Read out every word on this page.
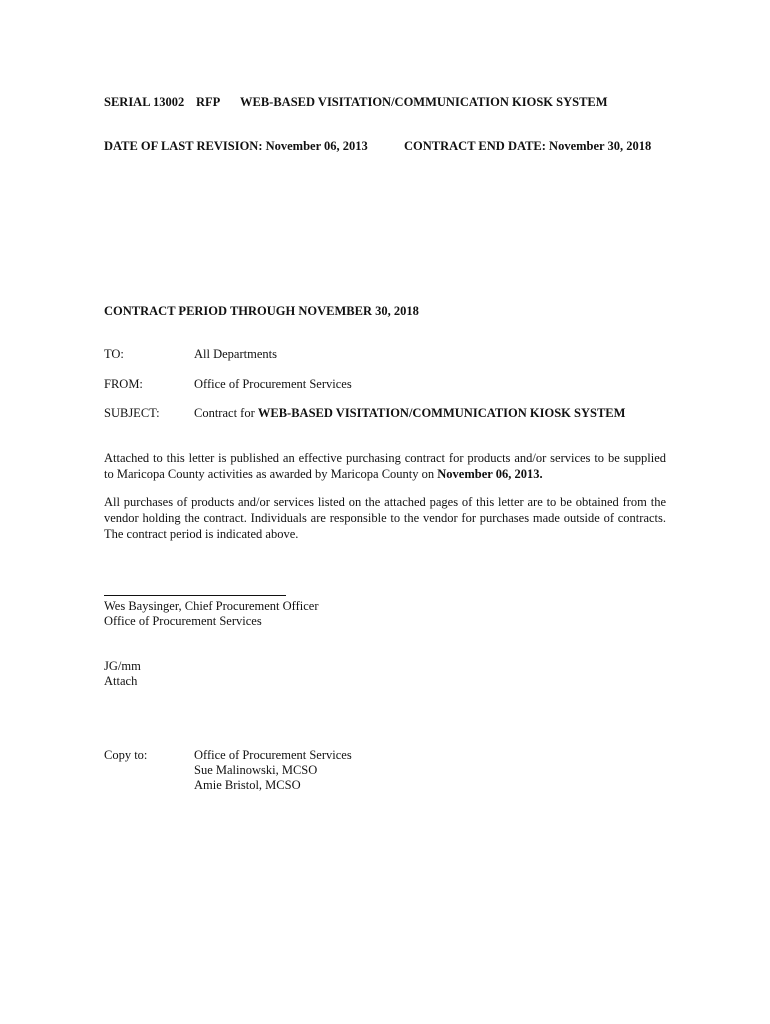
SERIAL 13002 RFP WEB-BASED VISITATION/COMMUNICATION KIOSK SYSTEM
DATE OF LAST REVISION: November 06, 2013	CONTRACT END DATE: November 30, 2018
CONTRACT PERIOD THROUGH NOVEMBER 30, 2018
TO:	All Departments
FROM:	Office of Procurement Services
SUBJECT:	Contract for WEB-BASED VISITATION/COMMUNICATION KIOSK SYSTEM
Attached to this letter is published an effective purchasing contract for products and/or services to be supplied to Maricopa County activities as awarded by Maricopa County on November 06, 2013.
All purchases of products and/or services listed on the attached pages of this letter are to be obtained from the vendor holding the contract. Individuals are responsible to the vendor for purchases made outside of contracts. The contract period is indicated above.
Wes Baysinger, Chief Procurement Officer
Office of Procurement Services
JG/mm
Attach
Copy to:	Office of Procurement Services
Sue Malinowski, MCSO
Amie Bristol, MCSO
